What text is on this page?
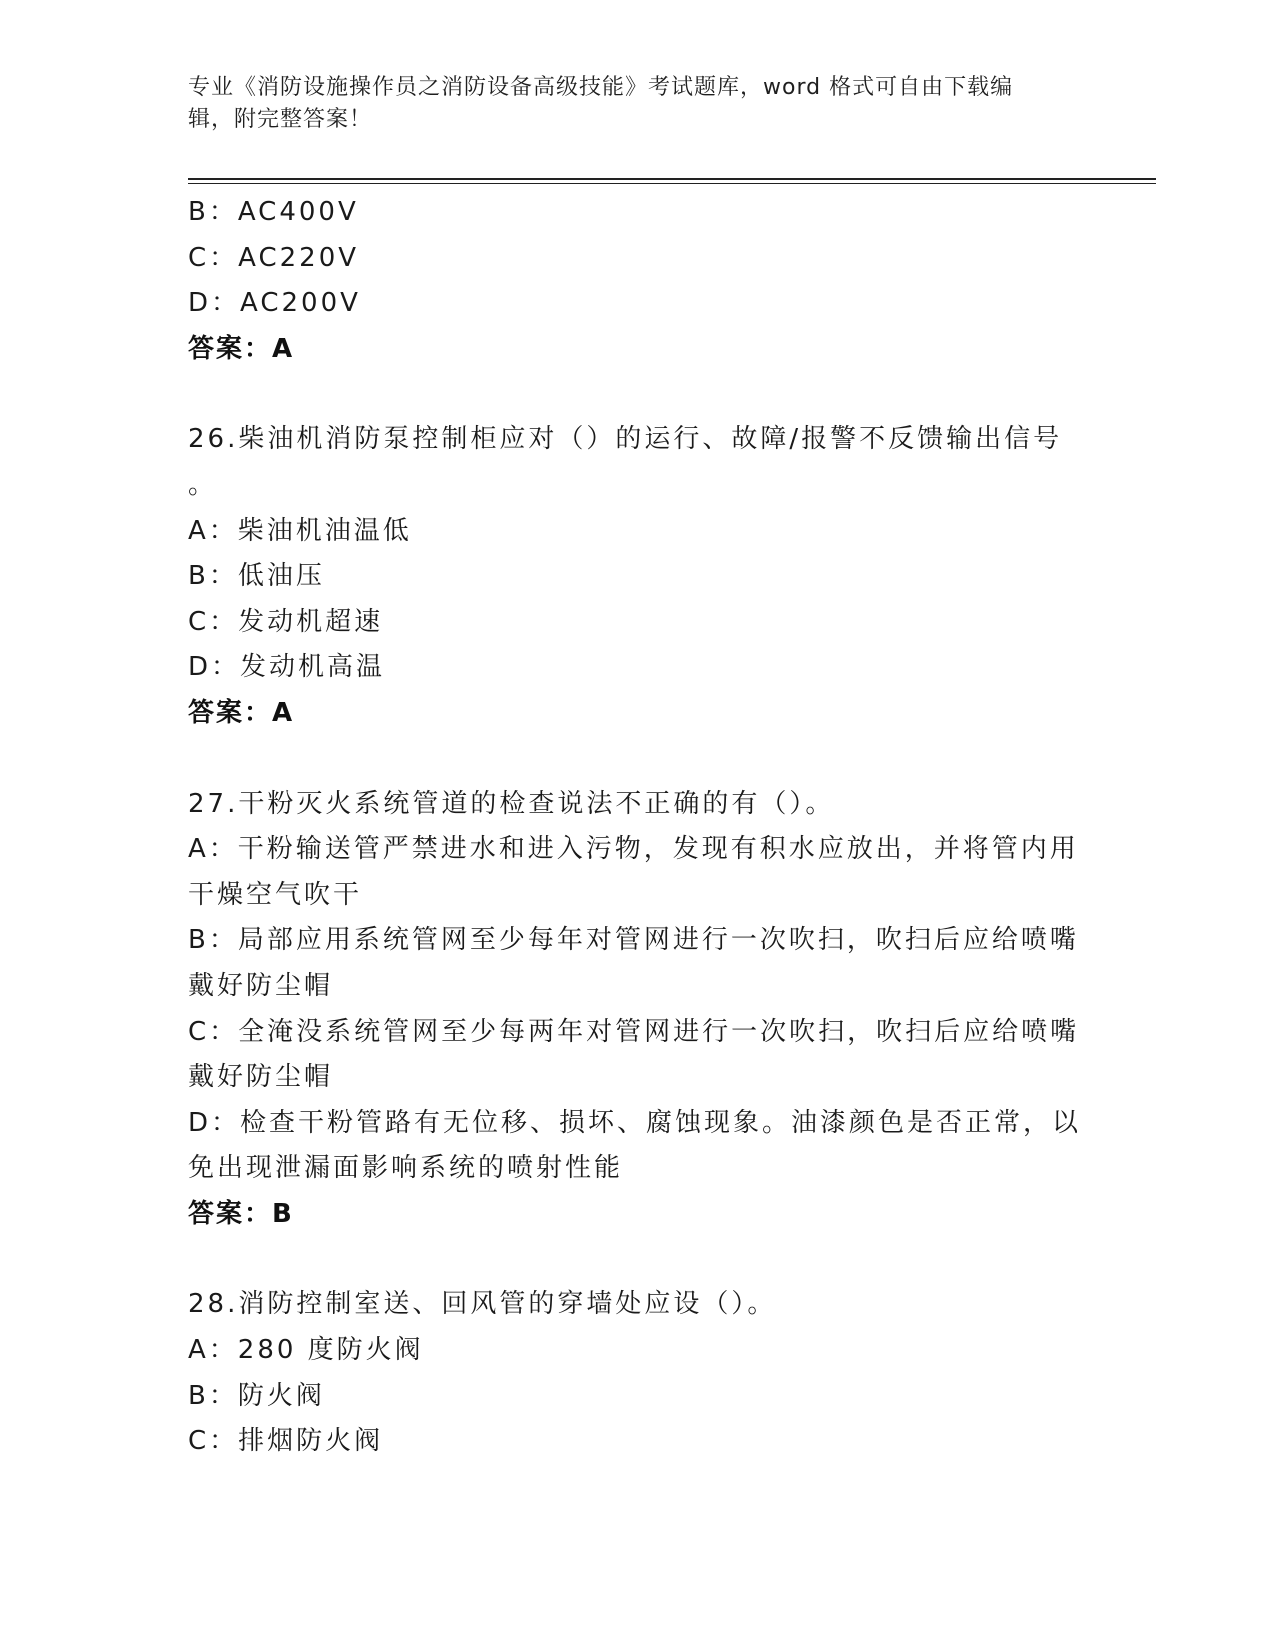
专业《消防设施操作员之消防设备高级技能》考试题库，word 格式可自由下载编
辑，附完整答案！
B：AC400V
C：AC220V
D：AC200V
答案：A
26.柴油机消防泵控制柜应对（）的运行、故障/报警不反馈输出信号
。
A：柴油机油温低
B：低油压
C：发动机超速
D：发动机高温
答案：A
27.干粉灭火系统管道的检查说法不正确的有（）。
A：干粉输送管严禁进水和进入污物，发现有积水应放出，并将管内用
干燥空气吹干
B：局部应用系统管网至少每年对管网进行一次吹扫，吹扫后应给喷嘴
戴好防尘帽
C：全淹没系统管网至少每两年对管网进行一次吹扫，吹扫后应给喷嘴
戴好防尘帽
D：检查干粉管路有无位移、损坏、腐蚀现象。油漆颜色是否正常，以
免出现泄漏面影响系统的喷射性能
答案：B
28.消防控制室送、回风管的穿墙处应设（）。
A：280 度防火阀
B：防火阀
C：排烟防火阀
